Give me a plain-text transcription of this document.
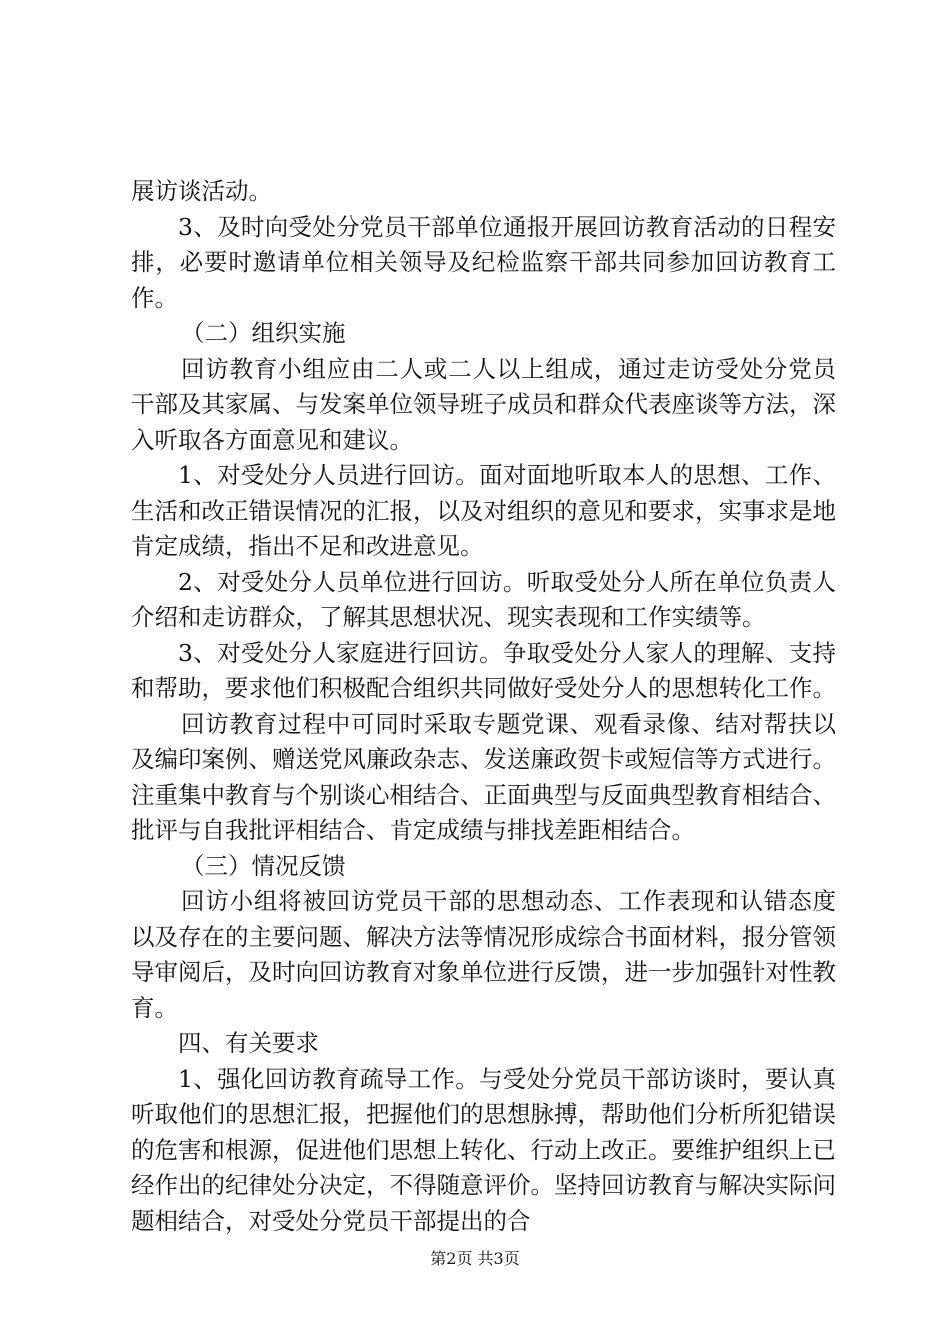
展访谈活动。

3、及时向受处分党员干部单位通报开展回访教育活动的日程安排，必要时邀请单位相关领导及纪检监察干部共同参加回访教育工作。

（二）组织实施

回访教育小组应由二人或二人以上组成，通过走访受处分党员干部及其家属、与发案单位领导班子成员和群众代表座谈等方法，深入听取各方面意见和建议。

1、对受处分人员进行回访。面对面地听取本人的思想、工作、生活和改正错误情况的汇报，以及对组织的意见和要求，实事求是地肯定成绩，指出不足和改进意见。

2、对受处分人员单位进行回访。听取受处分人所在单位负责人介绍和走访群众，了解其思想状况、现实表现和工作实绩等。

3、对受处分人家庭进行回访。争取受处分人家人的理解、支持和帮助，要求他们积极配合组织共同做好受处分人的思想转化工作。

回访教育过程中可同时采取专题党课、观看录像、结对帮扶以及编印案例、赠送党风廉政杂志、发送廉政贺卡或短信等方式进行。注重集中教育与个别谈心相结合、正面典型与反面典型教育相结合、批评与自我批评相结合、肯定成绩与排找差距相结合。

（三）情况反馈

回访小组将被回访党员干部的思想动态、工作表现和认错态度以及存在的主要问题、解决方法等情况形成综合书面材料，报分管领导审阅后，及时向回访教育对象单位进行反馈，进一步加强针对性教育。

四、有关要求

1、强化回访教育疏导工作。与受处分党员干部访谈时，要认真听取他们的思想汇报，把握他们的思想脉搏，帮助他们分析所犯错误的危害和根源，促进他们思想上转化、行动上改正。要维护组织上已经作出的纪律处分决定，不得随意评价。坚持回访教育与解决实际问题相结合，对受处分党员干部提出的合

第2页 共3页
